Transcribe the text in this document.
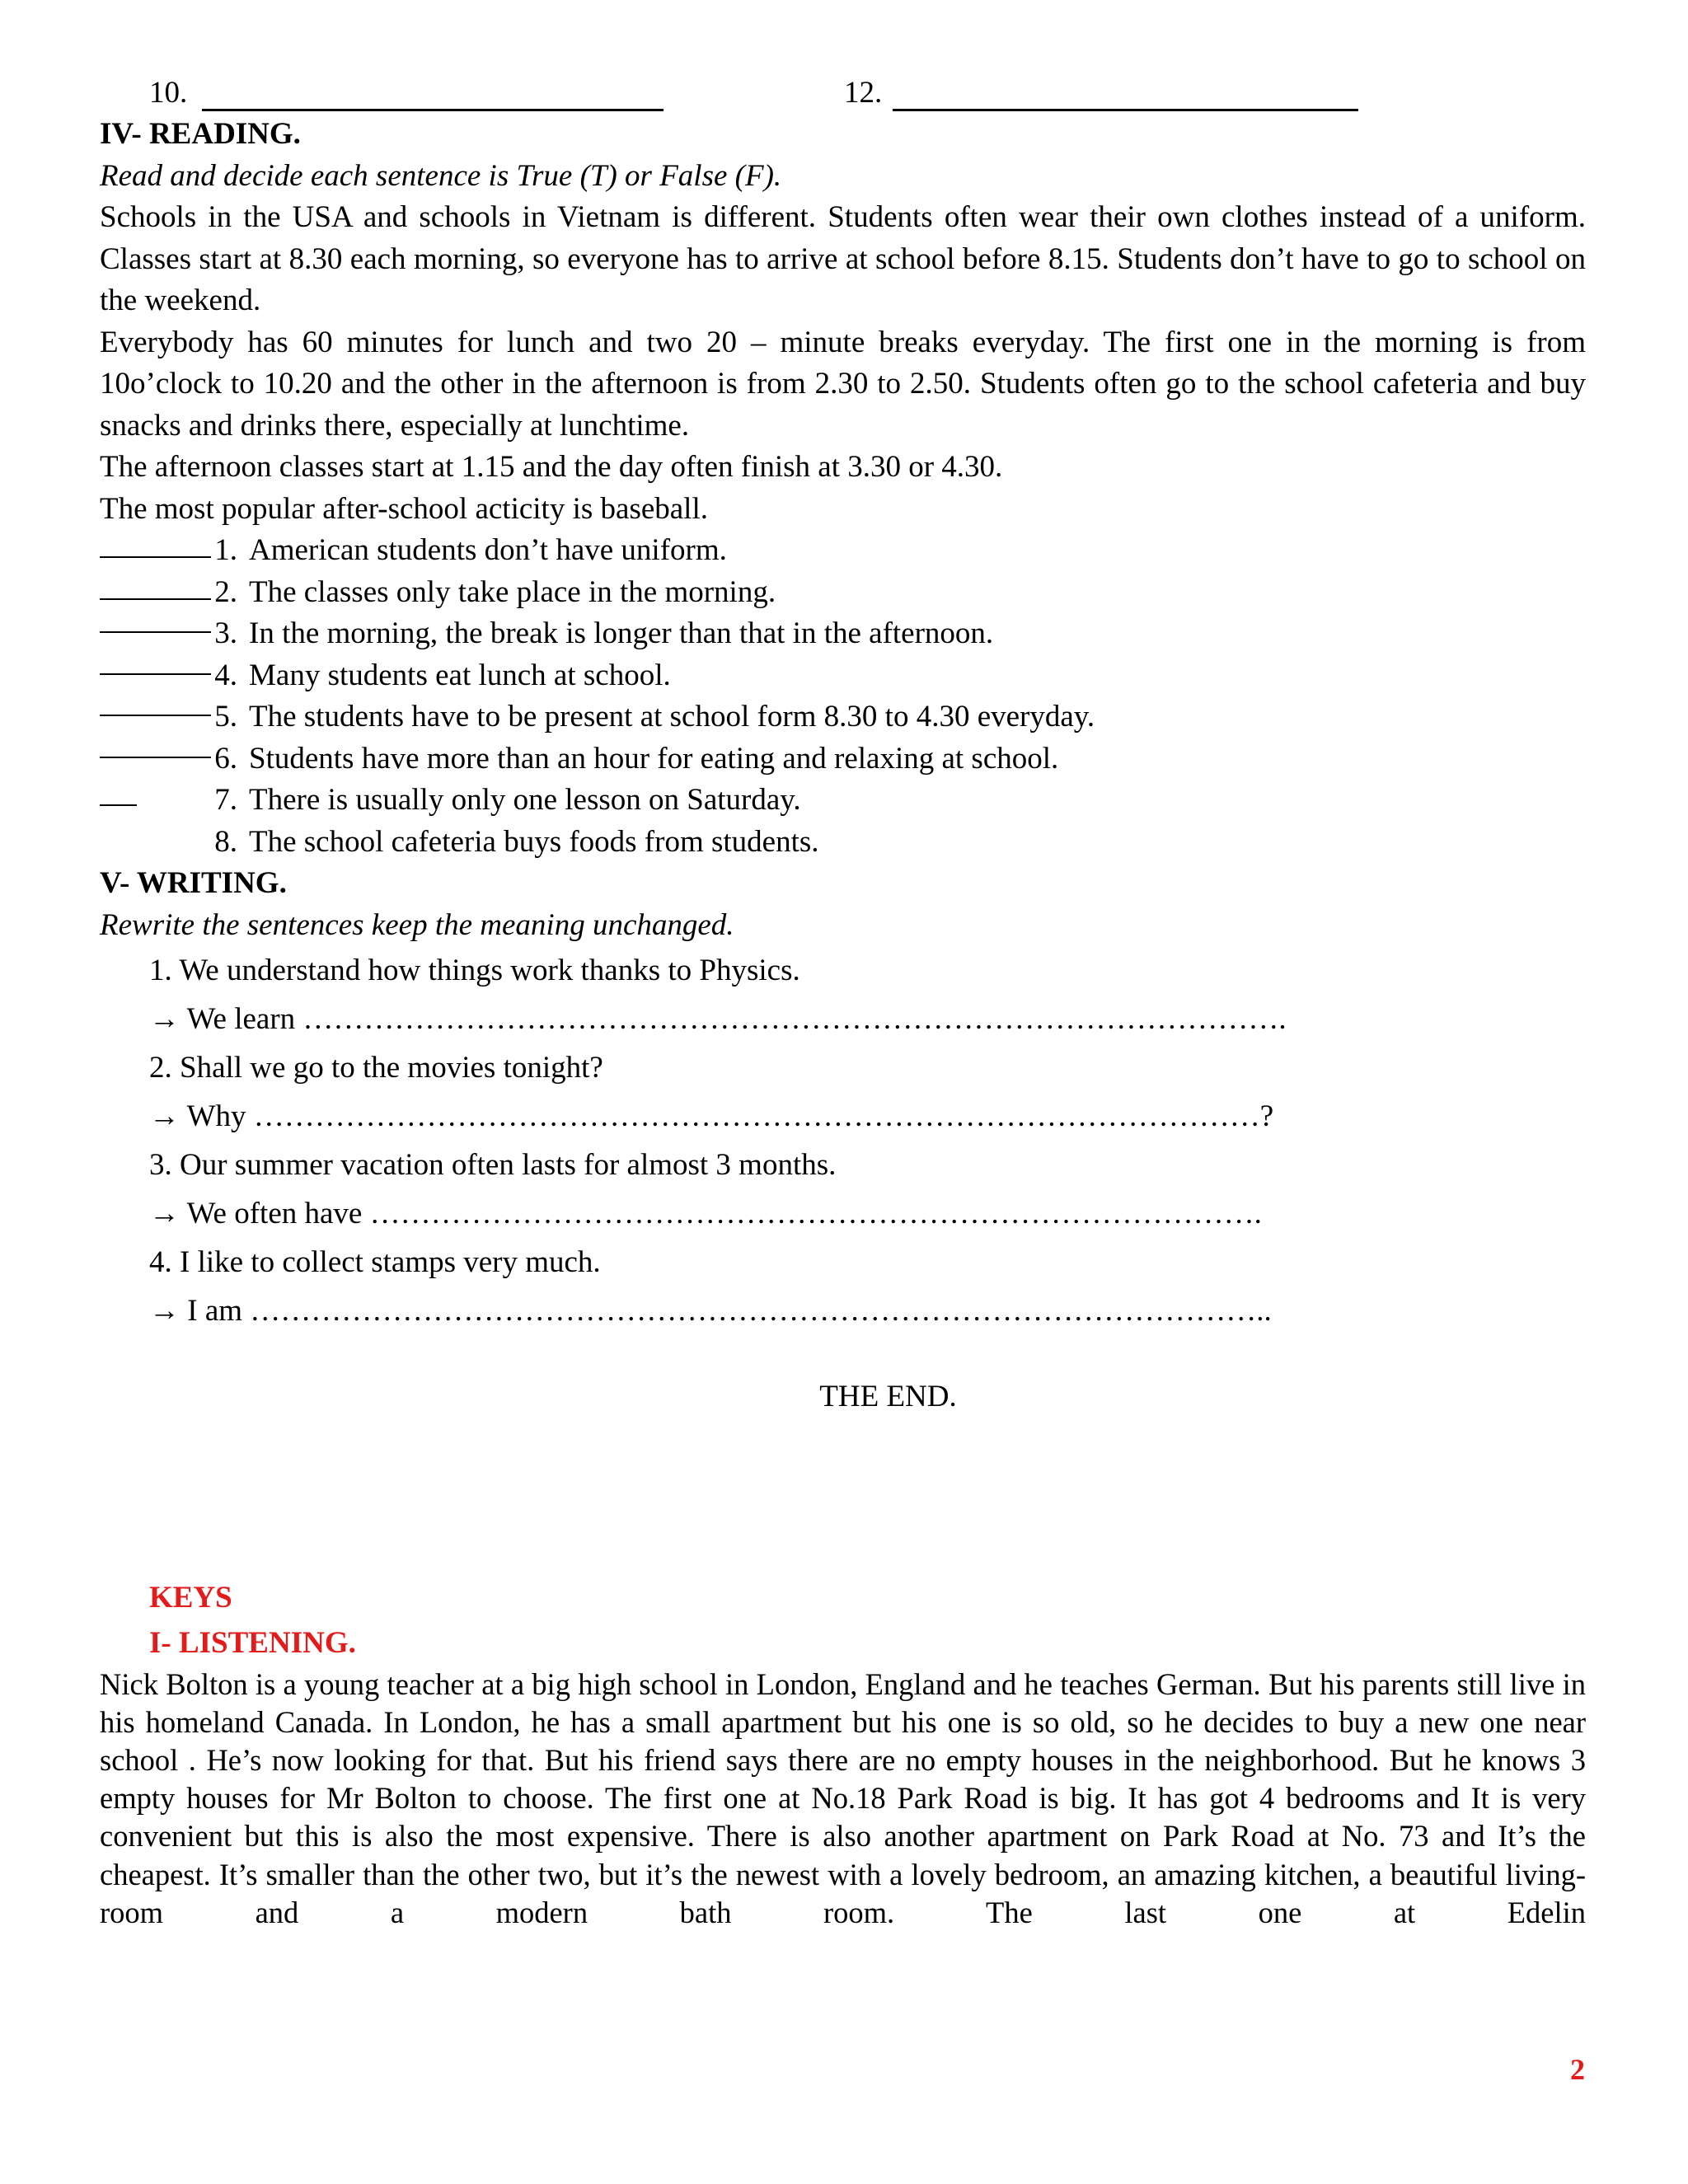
10.	12.
IV- READING.
Read and decide each sentence is True (T) or False (F).
Schools in the USA and schools in Vietnam is different. Students often wear their own clothes instead of a uniform. Classes start at 8.30 each morning, so everyone has to arrive at school before 8.15. Students don’t have to go to school on the weekend.
Everybody has 60 minutes for lunch and two 20 – minute breaks everyday. The first one in the morning is from 10o’clock to 10.20 and the other in the afternoon is from 2.30 to 2.50. Students often go to the school cafeteria and buy snacks and drinks there, especially at lunchtime.
The afternoon classes start at 1.15 and the day often finish at 3.30 or 4.30.
The most popular after-school acticity is baseball.
1. American students don’t have uniform.
2. The classes only take place in the morning.
3. In the morning, the break is longer than that in the afternoon.
4. Many students eat lunch at school.
5. The students have to be present at school form 8.30 to 4.30 everyday.
6. Students have more than an hour for eating and relaxing at school.
7. There is usually only one lesson on Saturday.
8. The school cafeteria buys foods from students.
V- WRITING.
Rewrite the sentences keep the meaning unchanged.
1. We understand how things work thanks to Physics.
→ We learn …………………………………………………………………………………….
2. Shall we go to the movies tonight?
→ Why ………………………………………………………………………………………?
3. Our summer vacation often lasts for almost 3 months.
→ We often have …………………………………………………………………………….
4. I like to collect stamps very much.
→ I am ………………………………………………………………………………………..
THE END.
KEYS
I- LISTENING.
Nick Bolton is a young teacher at a big high school in London, England and he teaches German. But his parents still live in his homeland Canada. In London, he has a small apartment but his one is so old, so he decides to buy a new one near school . He’s now looking for that. But his friend says there are no empty houses in the neighborhood. But he knows 3 empty houses for Mr Bolton to choose. The first one at No.18 Park Road is big. It has got 4 bedrooms and It is very convenient but this is also the most expensive. There is also another apartment on Park Road at No. 73 and It’s the cheapest. It’s smaller than the other two, but it’s the newest with a lovely bedroom, an amazing kitchen, a beautiful living-room and a modern bath room. The last one at Edelin
2
